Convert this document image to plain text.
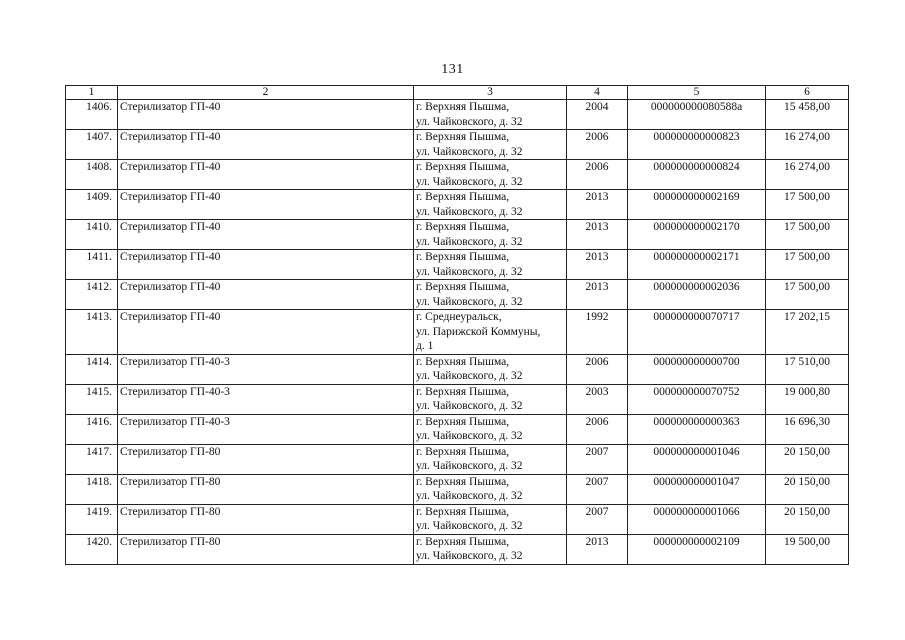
131
1	2	3	4	5	6
1406.	Стерилизатор ГП-40	г. Верхняя Пышма,
ул. Чайковского, д. 32	2004	000000000080588а	15 458,00
1407.	Стерилизатор ГП-40	г. Верхняя Пышма,
ул. Чайковского, д. 32	2006	000000000000823	16 274,00
1408.	Стерилизатор ГП-40	г. Верхняя Пышма,
ул. Чайковского, д. 32	2006	000000000000824	16 274,00
1409.	Стерилизатор ГП-40	г. Верхняя Пышма,
ул. Чайковского, д. 32	2013	000000000002169	17 500,00
1410.	Стерилизатор ГП-40	г. Верхняя Пышма,
ул. Чайковского, д. 32	2013	000000000002170	17 500,00
1411.	Стерилизатор ГП-40	г. Верхняя Пышма,
ул. Чайковского, д. 32	2013	000000000002171	17 500,00
1412.	Стерилизатор ГП-40	г. Верхняя Пышма,
ул. Чайковского, д. 32	2013	000000000002036	17 500,00
1413.	Стерилизатор ГП-40	г. Среднеуральск,
ул. Парижской Коммуны,
д. 1	1992	000000000070717	17 202,15
1414.	Стерилизатор ГП-40-3	г. Верхняя Пышма,
ул. Чайковского, д. 32	2006	000000000000700	17 510,00
1415.	Стерилизатор ГП-40-3	г. Верхняя Пышма,
ул. Чайковского, д. 32	2003	000000000070752	19 000,80
1416.	Стерилизатор ГП-40-3	г. Верхняя Пышма,
ул. Чайковского, д. 32	2006	000000000000363	16 696,30
1417.	Стерилизатор ГП-80	г. Верхняя Пышма,
ул. Чайковского, д. 32	2007	000000000001046	20 150,00
1418.	Стерилизатор ГП-80	г. Верхняя Пышма,
ул. Чайковского, д. 32	2007	000000000001047	20 150,00
1419.	Стерилизатор ГП-80	г. Верхняя Пышма,
ул. Чайковского, д. 32	2007	000000000001066	20 150,00
1420.	Стерилизатор ГП-80	г. Верхняя Пышма,
ул. Чайковского, д. 32	2013	000000000002109	19 500,00
